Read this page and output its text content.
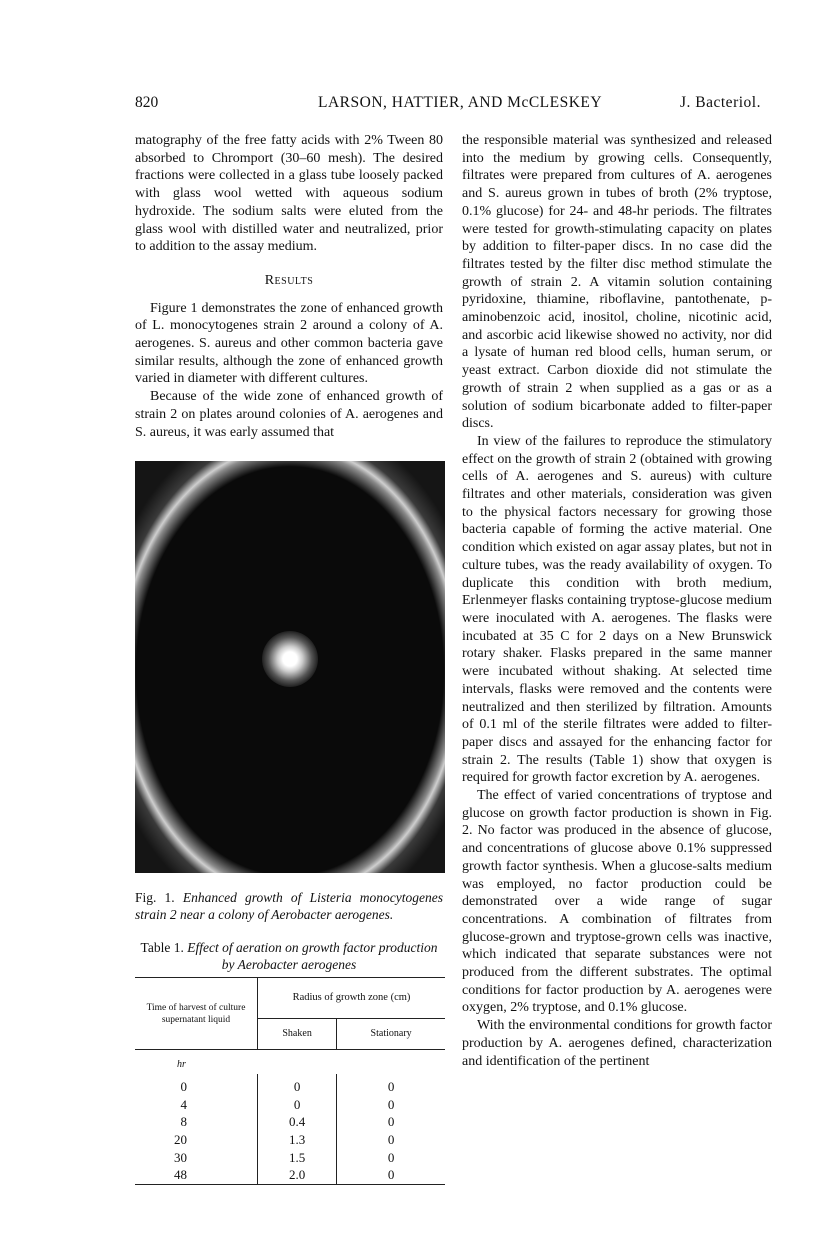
820	LARSON, HATTIER, AND McCLESKEY	J. Bacteriol.

matography of the free fatty acids with 2% Tween 80 absorbed to Chromport (30–60 mesh). The desired fractions were collected in a glass tube loosely packed with glass wool wetted with aqueous sodium hydroxide. The sodium salts were eluted from the glass wool with distilled water and neutralized, prior to addition to the assay medium.

Results

Figure 1 demonstrates the zone of enhanced growth of L. monocytogenes strain 2 around a colony of A. aerogenes. S. aureus and other common bacteria gave similar results, although the zone of enhanced growth varied in diameter with different cultures.

Because of the wide zone of enhanced growth of strain 2 on plates around colonies of A. aerogenes and S. aureus, it was early assumed that

Fig. 1. Enhanced growth of Listeria monocytogenes strain 2 near a colony of Aerobacter aerogenes.
Table 1. Effect of aeration on growth factor production by Aerobacter aerogenes
Time of harvest of culture supernatant liquid	Radius of growth zone (cm)	
	Shaken	Stationary
hr		

0	0	0
4	0	0
8	0.4	0
20	1.3	0
30	1.5	0
48	2.0	0

the responsible material was synthesized and released into the medium by growing cells. Consequently, filtrates were prepared from cultures of A. aerogenes and S. aureus grown in tubes of broth (2% tryptose, 0.1% glucose) for 24- and 48-hr periods. The filtrates were tested for growth-stimulating capacity on plates by addition to filter-paper discs. In no case did the filtrates tested by the filter disc method stimulate the growth of strain 2. A vitamin solution containing pyridoxine, thiamine, riboflavine, pantothenate, p-aminobenzoic acid, inositol, choline, nicotinic acid, and ascorbic acid likewise showed no activity, nor did a lysate of human red blood cells, human serum, or yeast extract. Carbon dioxide did not stimulate the growth of strain 2 when supplied as a gas or as a solution of sodium bicarbonate added to filter-paper discs.

In view of the failures to reproduce the stimulatory effect on the growth of strain 2 (obtained with growing cells of A. aerogenes and S. aureus) with culture filtrates and other materials, consideration was given to the physical factors necessary for growing those bacteria capable of forming the active material. One condition which existed on agar assay plates, but not in culture tubes, was the ready availability of oxygen. To duplicate this condition with broth medium, Erlenmeyer flasks containing tryptose-glucose medium were inoculated with A. aerogenes. The flasks were incubated at 35 C for 2 days on a New Brunswick rotary shaker. Flasks prepared in the same manner were incubated without shaking. At selected time intervals, flasks were removed and the contents were neutralized and then sterilized by filtration. Amounts of 0.1 ml of the sterile filtrates were added to filter-paper discs and assayed for the enhancing factor for strain 2. The results (Table 1) show that oxygen is required for growth factor excretion by A. aerogenes.

The effect of varied concentrations of tryptose and glucose on growth factor production is shown in Fig. 2. No factor was produced in the absence of glucose, and concentrations of glucose above 0.1% suppressed growth factor synthesis. When a glucose-salts medium was employed, no factor production could be demonstrated over a wide range of sugar concentrations. A combination of filtrates from glucose-grown and tryptose-grown cells was inactive, which indicated that separate substances were not produced from the different substrates. The optimal conditions for factor production by A. aerogenes were oxygen, 2% tryptose, and 0.1% glucose.

With the environmental conditions for growth factor production by A. aerogenes defined, characterization and identification of the pertinent
